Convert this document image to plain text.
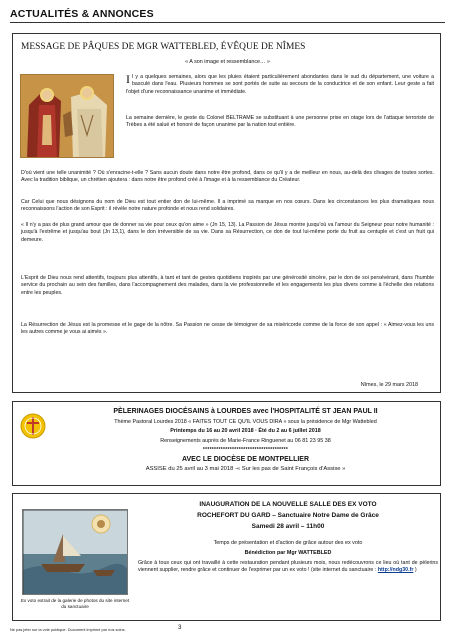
ACTUALITÉS & ANNONCES
MESSAGE DE PÂQUES DE MGR WATTEBLED, ÉVÊQUE DE NÎMES
« A son image et ressemblance… »
Il y a quelques semaines, alors que les pluies étaient particulièrement abondantes dans le sud du département, une voiture a basculé dans l'eau. Plusieurs hommes se sont portés de suite au secours de la conductrice et de son enfant. Leur geste a fait l'objet d'une reconnaissance unanime et immédiate.
La semaine dernière, le geste du Colonel BELTRAME se substituant à une personne prise en otage lors de l'attaque terroriste de Trèbes a été salué et honoré de façon unanime par la nation tout entière.
D'où vient une telle unanimité ? Où s'enracine-t-elle ? Sans aucun doute dans notre être profond, dans ce qu'il y a de meilleur en nous, au-delà des clivages de toutes sortes. Avec la tradition biblique, un chrétien ajoutera : dans notre être profond créé à l'image et à la ressemblance du Créateur.
Car Celui que nous désignons du nom de Dieu est tout entier don de lui-même. Il a imprimé sa marque en nos cœurs. Dans les circonstances les plus dramatiques nous reconnaissons l'action de son Esprit : il révèle notre nature profonde et nous rend solidaires.
« Il n'y a pas de plus grand amour que de donner sa vie pour ceux qu'on aime » (Jn 15, 13). La Passion de Jésus montre jusqu'où va l'amour du Seigneur pour notre humanité : jusqu'à l'extrême et jusqu'au bout (Jn 13,1), dans le don irréversible de sa vie. Dans sa Résurrection, ce don de tout lui-même porte du fruit au centuple et c'est un fruit qui demeure.
L'Esprit de Dieu nous rend attentifs, toujours plus attentifs, à tant et tant de gestes quotidiens inspirés par une générosité sincère, par le don de soi persévérant, dans l'humble service du prochain au sein des familles, dans l'accompagnement des malades, dans la vie professionnelle et les engagements les plus divers comme à l'échelle des relations entre les peuples.
La Résurrection de Jésus est la promesse et le gage de la nôtre. Sa Passion ne cesse de témoigner de sa miséricorde comme de la force de son appel : « Aimez-vous les uns les autres comme je vous ai aimés ».
Nîmes, le 29 mars 2018
PÈLERINAGES DIOCÉSAINS à LOURDES avec l'HOSPITALITÉ ST JEAN PAUL II
Thème Pastoral Lourdes 2018 « FAITES TOUT CE QU'IL VOUS DIRA » sous la présidence de Mgr Wattebled
Printemps du 16 au 20 avril 2018 · Été du 2 au 6 juillet 2018
Renseignements auprès de Marie-France Ringuenet au 06 81 23 95 38
**************************************
AVEC LE DIOCÈSE DE MONTPELLIER
ASSISE du 25 avril au 3 mai 2018 -« Sur les pas de Saint François d'Assise »
Ex voto extrait de la galerie de photos du site internet du sanctuaire
INAUGURATION DE LA NOUVELLE SALLE DES EX VOTO
ROCHEFORT DU GARD – Sanctuaire Notre Dame de Grâce
Samedi 28 avril – 11h00
Temps de présentation et d'action de grâce autour des ex voto
Bénédiction par Mgr WATTEBLED
Grâce à tous ceux qui ont travaillé à cette restauration pendant plusieurs mois, nous redécouvrons ce lieu où tant de pèlerins viennent supplier, rendre grâce et continuer de l'exprimer par un ex voto ! (site internet du sanctuaire : http://ndg30.fr )
Ne pas jeter sur la voie publique. Document imprimé par nos soins.	3
